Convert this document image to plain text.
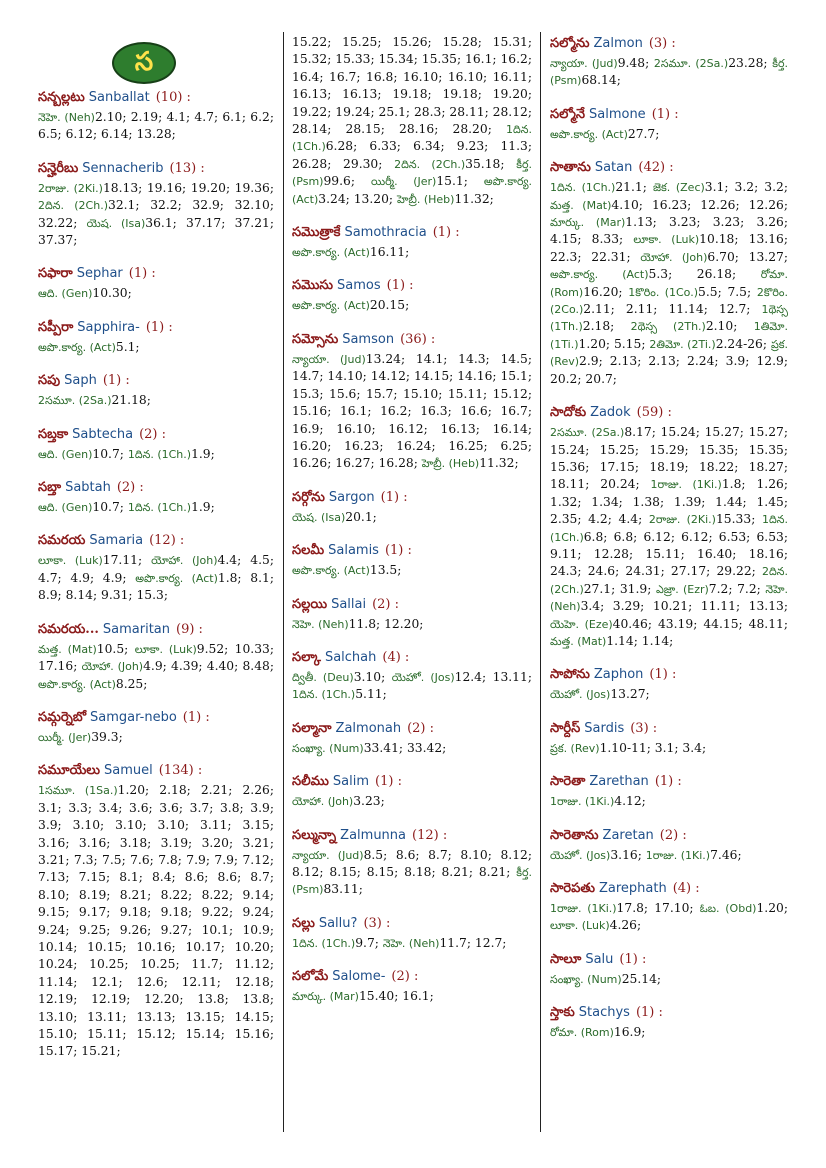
స
సన్బల్లటు Sanballat (10) :
నెహె. (Neh)2.10; 2.19; 4.1; 4.7; 6.1; 6.2; 6.5; 6.12; 6.14; 13.28;
సన్హెరీబు Sennacherib (13) :
2రాజు. (2Ki.)18.13; 19.16; 19.20; 19.36; 2దిన. (2Ch.)32.1; 32.2; 32.9; 32.10; 32.22; యెష. (Isa)36.1; 37.17; 37.21; 37.37;
సఫారా Sephar (1) :
ఆది. (Gen)10.30;
సప్పీరా Sapphira- (1) :
అపొ.కార్య. (Act)5.1;
సపు Saph (1) :
2సమూ. (2Sa.)21.18;
సబ్తకా Sabtecha (2) :
ఆది. (Gen)10.7; 1దిన. (1Ch.)1.9;
సబ్తా Sabtah (2) :
ఆది. (Gen)10.7; 1దిన. (1Ch.)1.9;
సమరయ Samaria (12) :
లూకా. (Luk)17.11; యోహా. (Joh)4.4; 4.5; 4.7; 4.9; 4.9; అపొ.కార్య. (Act)1.8; 8.1; 8.9; 8.14; 9.31; 15.3;
సమరయ... Samaritan (9) :
మత్త. (Mat)10.5; లూకా. (Luk)9.52; 10.33; 17.16; యోహా. (Joh)4.9; 4.39; 4.40; 8.48; అపొ.కార్య. (Act)8.25;
సమ్గర్నెబో Samgar-nebo (1) :
యిర్మీ. (Jer)39.3;
సమూయేలు Samuel (134) :
1సమూ. (1Sa.)1.20; 2.18; 2.21; 2.26; 3.1; 3.3; 3.4; 3.6; 3.6; 3.7; 3.8; 3.9; 3.9; 3.10; 3.10; 3.10; 3.11; 3.15; 3.16; 3.16; 3.18; 3.19; 3.20; 3.21; 3.21; 7.3; 7.5; 7.6; 7.8; 7.9; 7.9; 7.12; 7.13; 7.15; 8.1; 8.4; 8.6; 8.6; 8.7; 8.10; 8.19; 8.21; 8.22; 8.22; 9.14; 9.15; 9.17; 9.18; 9.18; 9.22; 9.24; 9.24; 9.25; 9.26; 9.27; 10.1; 10.9; 10.14; 10.15; 10.16; 10.17; 10.20; 10.24; 10.25; 10.25; 11.7; 11.12; 11.14; 12.1; 12.6; 12.11; 12.18; 12.19; 12.19; 12.20; 13.8; 13.8; 13.10; 13.11; 13.13; 13.15; 14.15; 15.10; 15.11; 15.12; 15.14; 15.16; 15.17; 15.21;
15.22; 15.25; 15.26; 15.28; 15.31; 15.32; 15.33; 15.34; 15.35; 16.1; 16.2; 16.4; 16.7; 16.8; 16.10; 16.10; 16.11; 16.13; 16.13; 19.18; 19.18; 19.20; 19.22; 19.24; 25.1; 28.3; 28.11; 28.12; 28.14; 28.15; 28.16; 28.20; 1దిన. (1Ch.)6.28; 6.33; 6.34; 9.23; 11.3; 26.28; 29.30; 2దిన. (2Ch.)35.18; కీర్త. (Psm)99.6; యిర్మీ. (Jer)15.1; అపొ.కార్య. (Act)3.24; 13.20; హెబ్రీ. (Heb)11.32;
సమొత్రాకే Samothracia (1) :
అపొ.కార్య. (Act)16.11;
సమొసు Samos (1) :
అపొ.కార్య. (Act)20.15;
సమ్సోను Samson (36) :
న్యాయా. (Jud)13.24; 14.1; 14.3; 14.5; 14.7; 14.10; 14.12; 14.15; 14.16; 15.1; 15.3; 15.6; 15.7; 15.10; 15.11; 15.12; 15.16; 16.1; 16.2; 16.3; 16.6; 16.7; 16.9; 16.10; 16.12; 16.13; 16.14; 16.20; 16.23; 16.24; 16.25; 6.25; 16.26; 16.27; 16.28; హెబ్రీ. (Heb)11.32;
సర్గోను Sargon (1) :
యెష. (Isa)20.1;
సలమీ Salamis (1) :
అపొ.కార్య. (Act)13.5;
సల్లయి Sallai (2) :
నెహె. (Neh)11.8; 12.20;
సల్కా Salchah (4) :
ద్వితీ. (Deu)3.10; యెహో. (Jos)12.4; 13.11; 1దిన. (1Ch.)5.11;
సల్మానా Zalmonah (2) :
సంఖ్యా. (Num)33.41; 33.42;
సలీము Salim (1) :
యోహా. (Joh)3.23;
సల్మున్నా Zalmunna (12) :
న్యాయా. (Jud)8.5; 8.6; 8.7; 8.10; 8.12; 8.12; 8.15; 8.15; 8.18; 8.21; 8.21; కీర్త. (Psm)83.11;
సల్లు Sallu? (3) :
1దిన. (1Ch.)9.7; నెహె. (Neh)11.7; 12.7;
సలోమే Salome- (2) :
మార్కు. (Mar)15.40; 16.1;
సల్మోను Zalmon (3) :
న్యాయా. (Jud)9.48; 2సమూ. (2Sa.)23.28; కీర్త. (Psm)68.14;
సల్మోనే Salmone (1) :
అపొ.కార్య. (Act)27.7;
సాతాను Satan (42) :
1దిన. (1Ch.)21.1; జెక. (Zec)3.1; 3.2; 3.2; మత్త. (Mat)4.10; 16.23; 12.26; 12.26; మార్కు. (Mar)1.13; 3.23; 3.23; 3.26; 4.15; 8.33; లూకా. (Luk)10.18; 13.16; 22.3; 22.31; యోహా. (Joh)6.70; 13.27; అపొ.కార్య. (Act)5.3; 26.18; రోమా. (Rom)16.20; 1కొరిం. (1Co.)5.5; 7.5; 2కొరిం. (2Co.)2.11; 2.11; 11.14; 12.7; 1థెస్స (1Th.)2.18; 2థెస్స (2Th.)2.10; 1తిమో. (1Ti.)1.20; 5.15; 2తిమో. (2Ti.)2.24-26; ప్రక. (Rev)2.9; 2.13; 2.13; 2.24; 3.9; 12.9; 20.2; 20.7;
సాదోకు Zadok (59) :
2సమూ. (2Sa.)8.17; 15.24; 15.27; 15.27; 15.24; 15.25; 15.29; 15.35; 15.35; 15.36; 17.15; 18.19; 18.22; 18.27; 18.11; 20.24; 1రాజు. (1Ki.)1.8; 1.26; 1.32; 1.34; 1.38; 1.39; 1.44; 1.45; 2.35; 4.2; 4.4; 2రాజు. (2Ki.)15.33; 1దిన. (1Ch.)6.8; 6.8; 6.12; 6.12; 6.53; 6.53; 9.11; 12.28; 15.11; 16.40; 18.16; 24.3; 24.6; 24.31; 27.17; 29.22; 2దిన. (2Ch.)27.1; 31.9; ఎజ్రా. (Ezr)7.2; 7.2; నెహె. (Neh)3.4; 3.29; 10.21; 11.11; 13.13; యెహె. (Eze)40.46; 43.19; 44.15; 48.11; మత్త. (Mat)1.14; 1.14;
సాపోను Zaphon (1) :
యెహో. (Jos)13.27;
సార్దీస్ Sardis (3) :
ప్రక. (Rev)1.10-11; 3.1; 3.4;
సారెతా Zarethan (1) :
1రాజు. (1Ki.)4.12;
సారెతాను Zaretan (2) :
యెహో. (Jos)3.16; 1రాజు. (1Ki.)7.46;
సారెపతు Zarephath (4) :
1రాజు. (1Ki.)17.8; 17.10; ఓబ. (Obd)1.20; లూకా. (Luk)4.26;
సాలూ Salu (1) :
సంఖ్యా. (Num)25.14;
స్తాకు Stachys (1) :
రోమా. (Rom)16.9;
